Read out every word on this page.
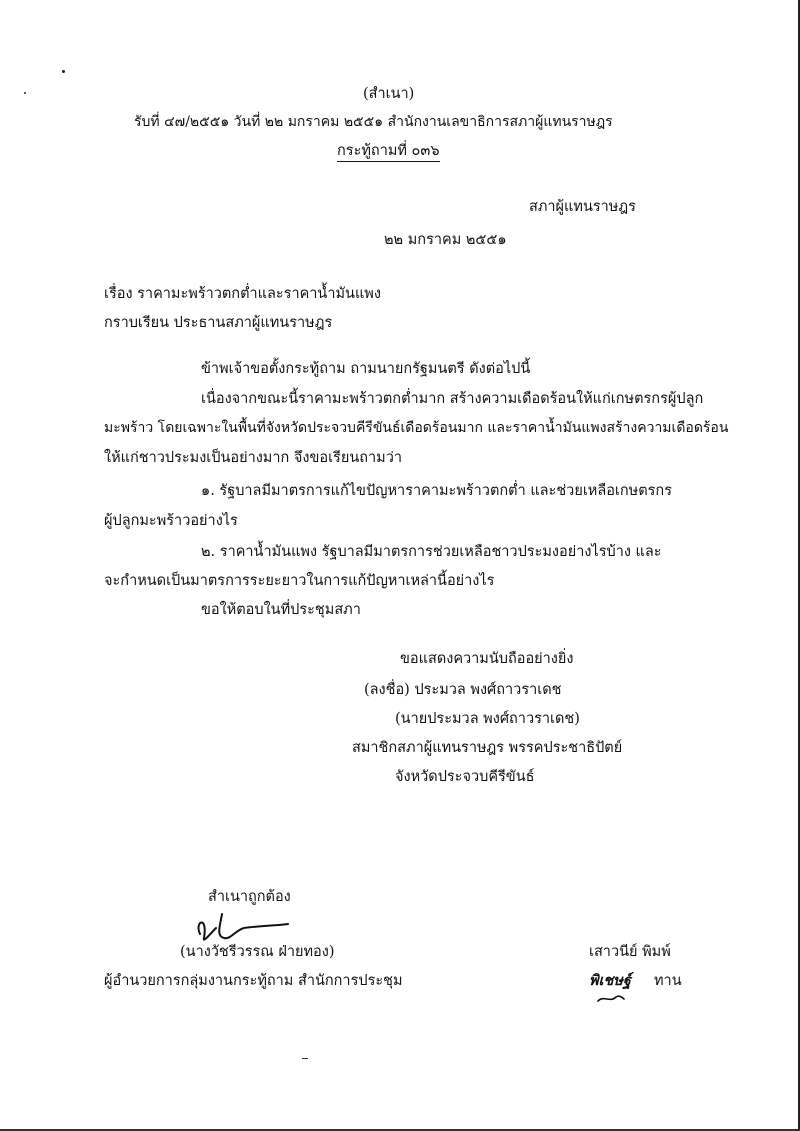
(สำเนา)
รับที่ ๔๗/๒๕๕๑ วันที่ ๒๒ มกราคม ๒๕๕๑ สำนักงานเลขาธิการสภาผู้แทนราษฎร
กระทู้ถามที่ ๐๓๖
สภาผู้แทนราษฎร
๒๒ มกราคม ๒๕๕๑
เรื่อง ราคามะพร้าวตกต่ำและราคาน้ำมันแพง
กราบเรียน ประธานสภาผู้แทนราษฎร
ข้าพเจ้าขอตั้งกระทู้ถาม ถามนายกรัฐมนตรี ดังต่อไปนี้
เนื่องจากขณะนี้ราคามะพร้าวตกต่ำมาก สร้างความเดือดร้อนให้แก่เกษตรกรผู้ปลูก
มะพร้าว โดยเฉพาะในพื้นที่จังหวัดประจวบคีรีขันธ์เดือดร้อนมาก และราคาน้ำมันแพงสร้างความเดือดร้อน
ให้แก่ชาวประมงเป็นอย่างมาก จึงขอเรียนถามว่า
๑. รัฐบาลมีมาตรการแก้ไขปัญหาราคามะพร้าวตกต่ำ และช่วยเหลือเกษตรกร
ผู้ปลูกมะพร้าวอย่างไร
๒. ราคาน้ำมันแพง รัฐบาลมีมาตรการช่วยเหลือชาวประมงอย่างไรบ้าง และ
จะกำหนดเป็นมาตรการระยะยาวในการแก้ปัญหาเหล่านี้อย่างไร
ขอให้ตอบในที่ประชุมสภา
ขอแสดงความนับถืออย่างยิ่ง
(ลงชื่อ) ประมวล พงศ์ถาวราเดช
(นายประมวล พงศ์ถาวราเดช)
สมาชิกสภาผู้แทนราษฎร พรรคประชาธิปัตย์
จังหวัดประจวบคีรีขันธ์
สำเนาถูกต้อง
(นางวัชรีวรรณ ฝ่ายทอง)
ผู้อำนวยการกลุ่มงานกระทู้ถาม สำนักการประชุม
เสาวนีย์ พิมพ์
พิเชษฐ์ ทาน
